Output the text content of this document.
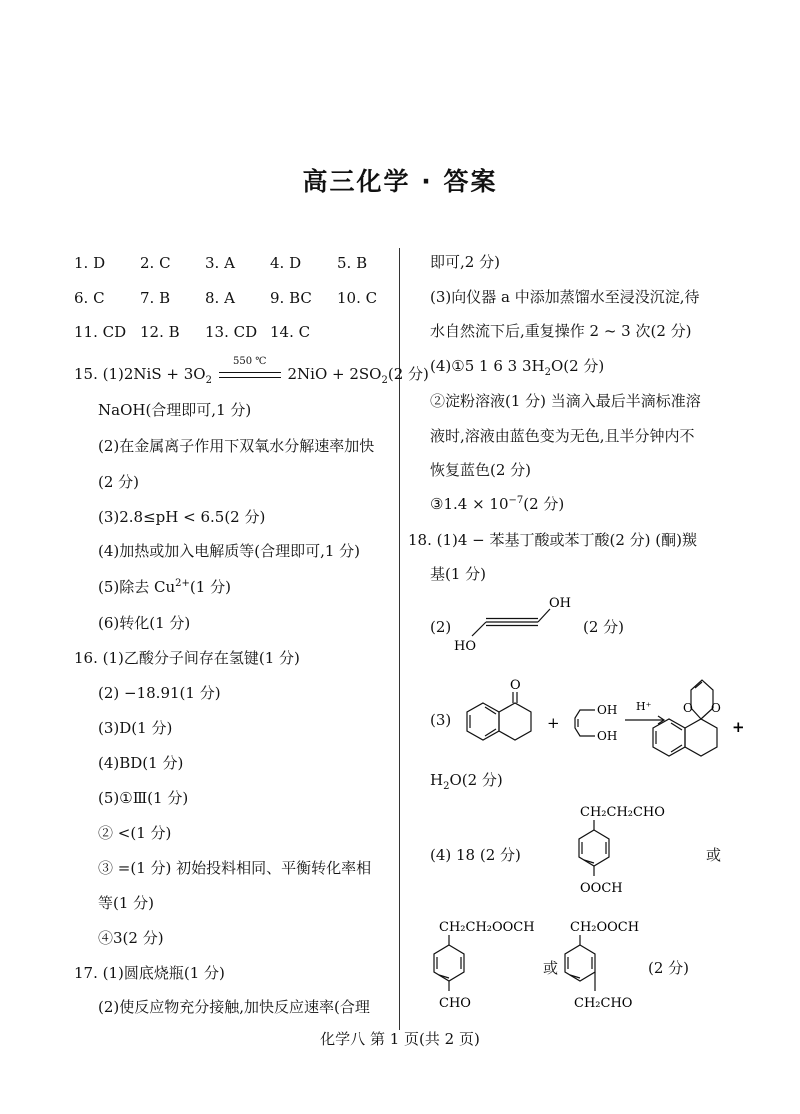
高三化学 · 答案
1. D 2. C 3. A 4. D 5. B
6. C 7. B 8. A 9. BC 10. C
11. CD 12. B 13. CD 14. C
15. $(1)2NiS + 3O_2$
550 ℃
$2NiO + 2SO_2(2$ 分)
NaOH(合理即可,1 分)
(2)在金属离子作用下双氧水分解速率加快
(2 分)
(3)2.8≤pH < 6.5(2 分)
(4)加热或加入电解质等(合理即可,1 分)
(5)除去 $Cu^{2+}(1$ 分)
(6)转化(1 分)
16. (1)乙酸分子间存在氢键(1 分)
(2) −18.91(1 分)
(3)D(1 分)
(4)BD(1 分)
(5)①Ⅲ(1 分)
② <(1 分)
③ =(1 分) 初始投料相同、平衡转化率相
等(1 分)
④3(2 分)
17. (1)圆底烧瓶(1 分)
(2)使反应物充分接触,加快反应速率(合理
即可,2 分)
(3)向仪器 a 中添加蒸馏水至浸没沉淀,待
水自然流下后,重复操作 2 ~ 3 次(2 分)
(4)①5 1 6 3 $3H_2O(2$ 分)
②淀粉溶液(1 分) 当滴入最后半滴标准溶
液时,溶液由蓝色变为无色,且半分钟内不
恢复蓝色(2 分)
③1.4 × $10^{-7}(2$ 分)
18. (1)4 − 苯基丁酸或苯丁酸(2 分) (酮)羰
基(1 分)
(2)
OH
HO
(2 分)
(3)
O
+
OH
OH
H⁺	O O
+
$H_2O(2$ 分)
(4) 18 (2 分)
CH₂CH₂CHO
OOCH
或
CH₂CH₂OOCH
CHO
或
CH₂OOCH
CH₂CHO
(2 分)
化学八 第 1 页(共 2 页)
